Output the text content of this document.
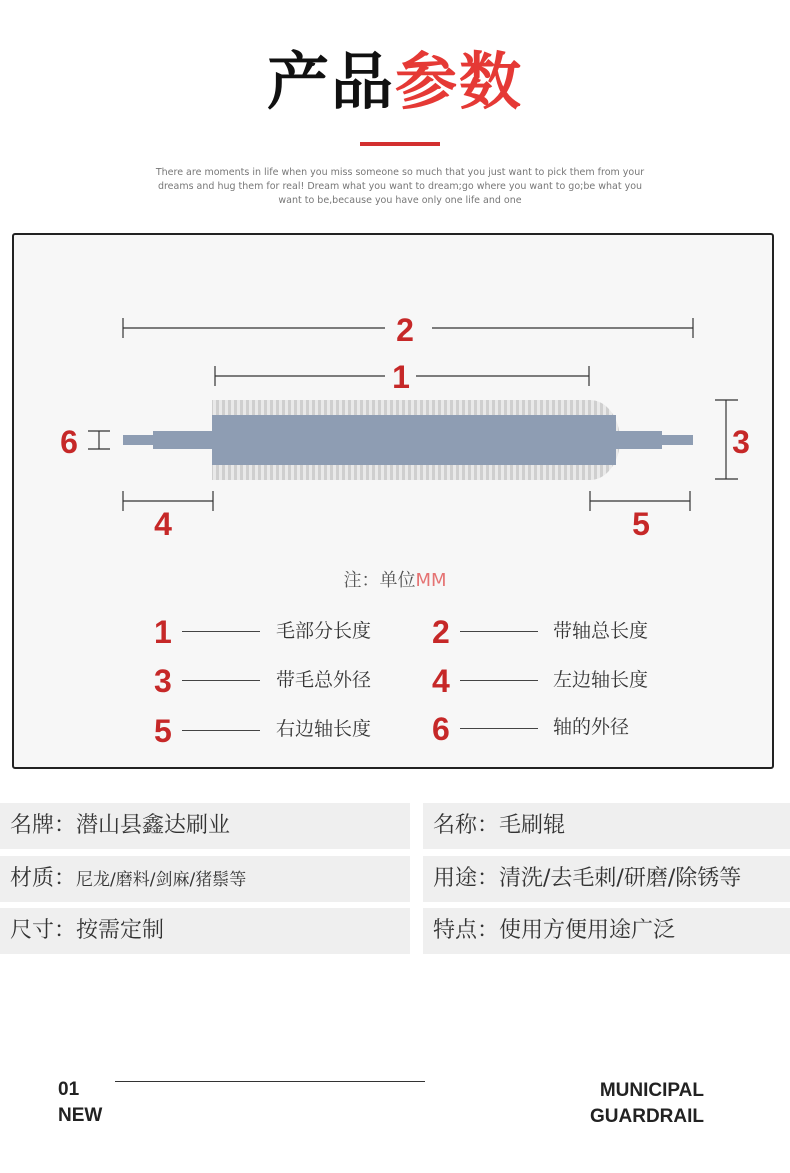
产品参数
There are moments in life when you miss someone so much that you just want to pick them from your
dreams and hug them for real! Dream what you want to dream;go where you want to go;be what you
want to be,because you have only one life and one
2
1
6	3
4	5
注：单位MM
1	毛部分长度 2	带轴总长度
3	带毛总外径 4	左边轴长度
5	右边轴长度 6	轴的外径
名牌：潜山县鑫达刷业	名称：毛刷辊
材质：尼龙/磨料/剑麻/猪鬃等	用途：清洗/去毛刺/研磨/除锈等
尺寸：按需定制	特点：使用方便用途广泛
01
NEW
MUNICIPAL
GUARDRAIL
